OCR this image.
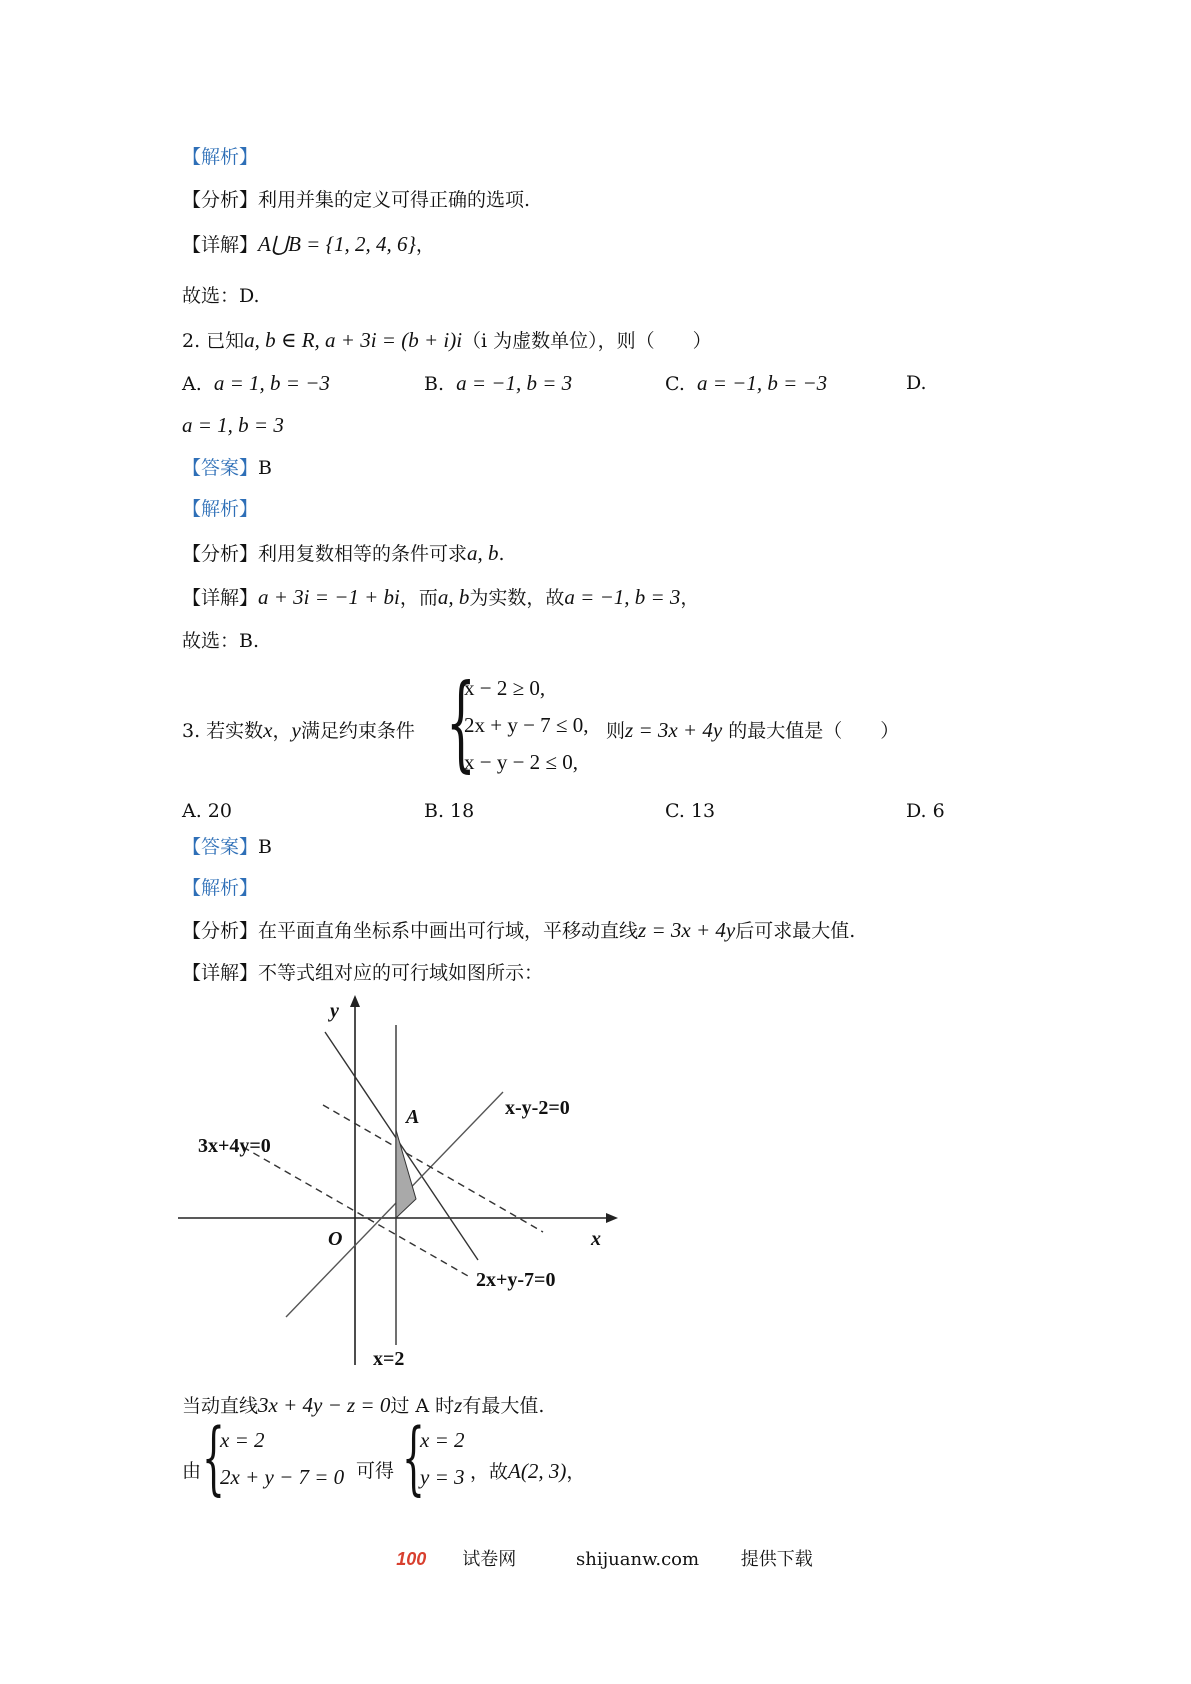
【解析】
【分析】利用并集的定义可得正确的选项.
【详解】A⋃B = {1, 2, 4, 6}，
故选：D.
2. 已知a, b ∈ R, a + 3i = (b + i)i（i 为虚数单位），则（　　）
A. a = 1, b = −3	B. a = −1, b = 3	C. a = −1, b = −3	D.
a = 1, b = 3
【答案】B
【解析】
【分析】利用复数相等的条件可求a, b.
【详解】a + 3i = −1 + bi，而a, b为实数，故a = −1, b = 3，
故选：B.
3. 若实数x，y满足约束条件 {
x − 2 ≥ 0,
2x + y − 7 ≤ 0,
x − y − 2 ≤ 0,
则z = 3x + 4y 的最大值是（　　）
A. 20	B. 18	C. 13	D. 6
【答案】B
【解析】
【分析】在平面直角坐标系中画出可行域，平移动直线z = 3x + 4y后可求最大值.
【详解】不等式组对应的可行域如图所示：
y
x
O
A	x-y-2=0
3x+4y=0
2x+y-7=0
x=2
当动直线3x + 4y − z = 0过 A 时z有最大值.
由 {
x = 2
2x + y − 7 = 0 可得 {
x = 2
y = 3 ，故A(2, 3)，
100 试卷网	shijuanw.com 提供下载
